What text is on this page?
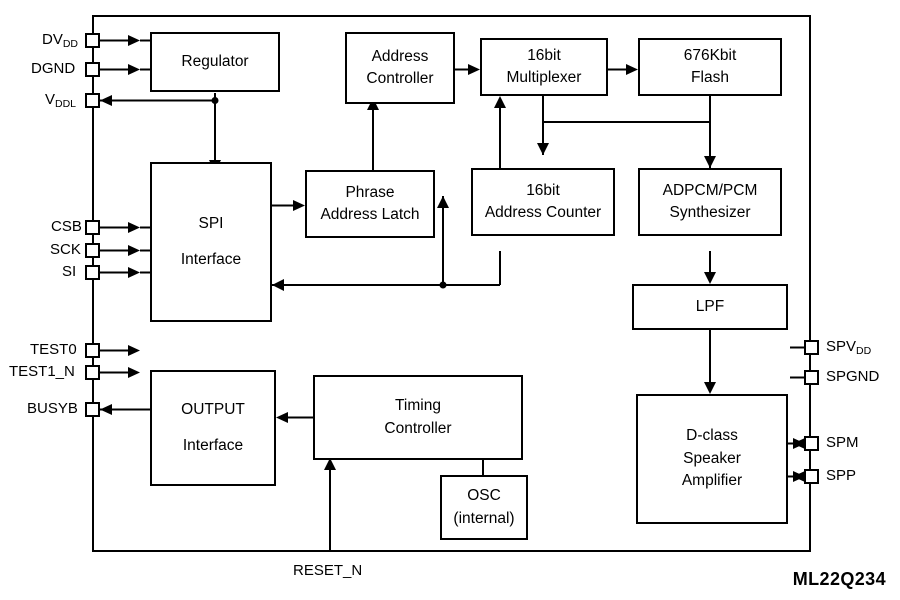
Regulator
SPI
Interface
Phrase
Address Latch
Address
Controller
16bit
Multiplexer
676Kbit
Flash
16bit
Address Counter
ADPCM/PCM
Synthesizer
LPF
D-class
Speaker
Amplifier
OUTPUT
Interface
Timing
Controller
OSC
(internal)
$DV_{DD}$
DGND
$V_{DDL}$
CSB
SCK
SI
TEST0
TEST1_N
BUSYB
$SPV_{DD}$
SPGND
SPM
SPP
RESET_N	ML22Q234
